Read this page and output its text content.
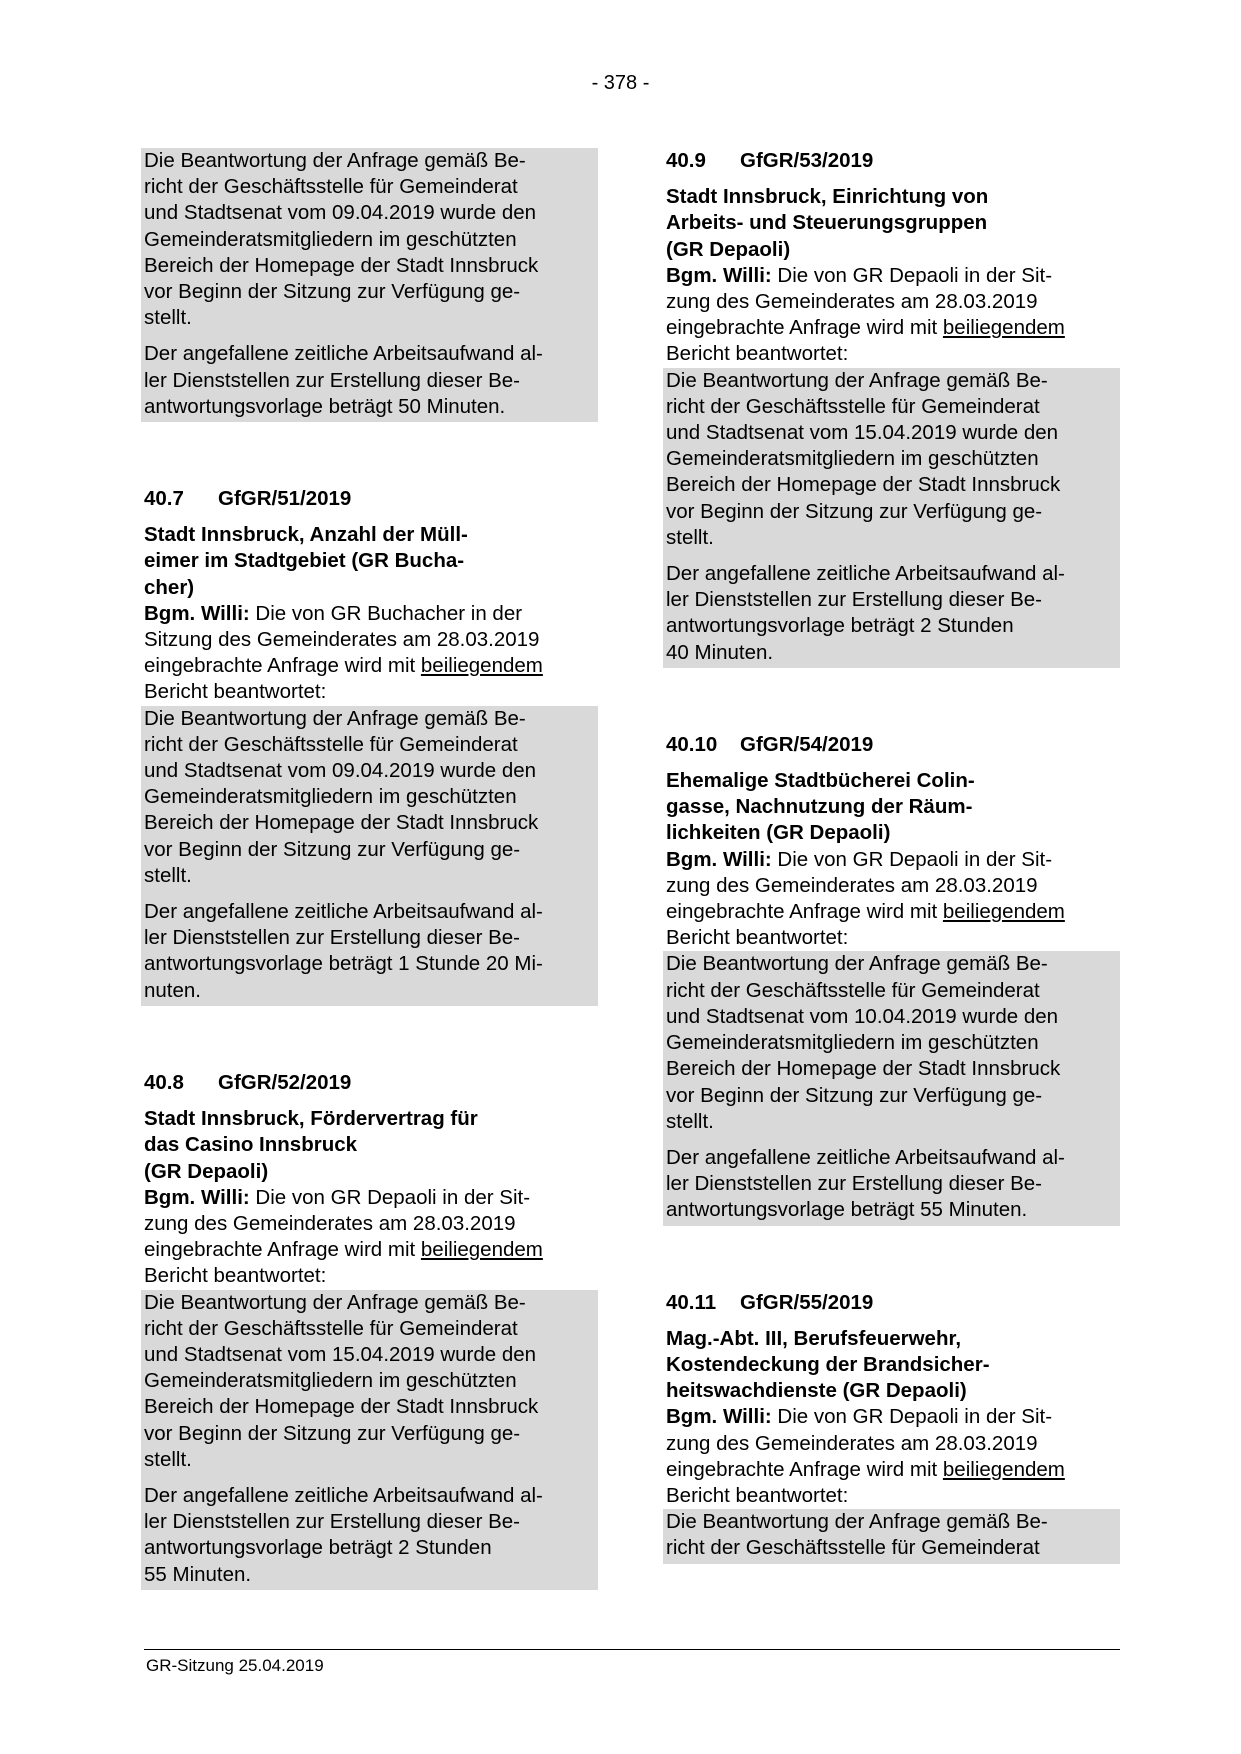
- 378 -

Die Beantwortung der Anfrage gemäß Be-
richt der Geschäftsstelle für Gemeinderat
und Stadtsenat vom 09.04.2019 wurde den
Gemeinderatsmitgliedern im geschützten
Bereich der Homepage der Stadt Innsbruck
vor Beginn der Sitzung zur Verfügung ge-
stellt.

Der angefallene zeitliche Arbeitsaufwand al-
ler Dienststellen zur Erstellung dieser Be-
antwortungsvorlage beträgt 50 Minuten.

40.7	GfGR/51/2019

Stadt Innsbruck, Anzahl der Müll-
eimer im Stadtgebiet (GR Bucha-
cher)

Bgm. Willi: Die von GR Buchacher in der
Sitzung des Gemeinderates am 28.03.2019
eingebrachte Anfrage wird mit beiliegendem
Bericht beantwortet:

Die Beantwortung der Anfrage gemäß Be-
richt der Geschäftsstelle für Gemeinderat
und Stadtsenat vom 09.04.2019 wurde den
Gemeinderatsmitgliedern im geschützten
Bereich der Homepage der Stadt Innsbruck
vor Beginn der Sitzung zur Verfügung ge-
stellt.

Der angefallene zeitliche Arbeitsaufwand al-
ler Dienststellen zur Erstellung dieser Be-
antwortungsvorlage beträgt 1 Stunde 20 Mi-
nuten.

40.8	GfGR/52/2019

Stadt Innsbruck, Fördervertrag für
das Casino Innsbruck
(GR Depaoli)

Bgm. Willi: Die von GR Depaoli in der Sit-
zung des Gemeinderates am 28.03.2019
eingebrachte Anfrage wird mit beiliegendem
Bericht beantwortet:

Die Beantwortung der Anfrage gemäß Be-
richt der Geschäftsstelle für Gemeinderat
und Stadtsenat vom 15.04.2019 wurde den
Gemeinderatsmitgliedern im geschützten
Bereich der Homepage der Stadt Innsbruck
vor Beginn der Sitzung zur Verfügung ge-
stellt.

Der angefallene zeitliche Arbeitsaufwand al-
ler Dienststellen zur Erstellung dieser Be-
antwortungsvorlage beträgt 2 Stunden
55 Minuten.

40.9	GfGR/53/2019

Stadt Innsbruck, Einrichtung von
Arbeits- und Steuerungsgruppen
(GR Depaoli)

Bgm. Willi: Die von GR Depaoli in der Sit-
zung des Gemeinderates am 28.03.2019
eingebrachte Anfrage wird mit beiliegendem
Bericht beantwortet:

Die Beantwortung der Anfrage gemäß Be-
richt der Geschäftsstelle für Gemeinderat
und Stadtsenat vom 15.04.2019 wurde den
Gemeinderatsmitgliedern im geschützten
Bereich der Homepage der Stadt Innsbruck
vor Beginn der Sitzung zur Verfügung ge-
stellt.

Der angefallene zeitliche Arbeitsaufwand al-
ler Dienststellen zur Erstellung dieser Be-
antwortungsvorlage beträgt 2 Stunden
40 Minuten.

40.10	GfGR/54/2019

Ehemalige Stadtbücherei Colin-
gasse, Nachnutzung der Räum-
lichkeiten (GR Depaoli)

Bgm. Willi: Die von GR Depaoli in der Sit-
zung des Gemeinderates am 28.03.2019
eingebrachte Anfrage wird mit beiliegendem
Bericht beantwortet:

Die Beantwortung der Anfrage gemäß Be-
richt der Geschäftsstelle für Gemeinderat
und Stadtsenat vom 10.04.2019 wurde den
Gemeinderatsmitgliedern im geschützten
Bereich der Homepage der Stadt Innsbruck
vor Beginn der Sitzung zur Verfügung ge-
stellt.

Der angefallene zeitliche Arbeitsaufwand al-
ler Dienststellen zur Erstellung dieser Be-
antwortungsvorlage beträgt 55 Minuten.

40.11	GfGR/55/2019

Mag.-Abt. III, Berufsfeuerwehr,
Kostendeckung der Brandsicher-
heitswachdienste (GR Depaoli)

Bgm. Willi: Die von GR Depaoli in der Sit-
zung des Gemeinderates am 28.03.2019
eingebrachte Anfrage wird mit beiliegendem
Bericht beantwortet:

Die Beantwortung der Anfrage gemäß Be-
richt der Geschäftsstelle für Gemeinderat

GR-Sitzung 25.04.2019
